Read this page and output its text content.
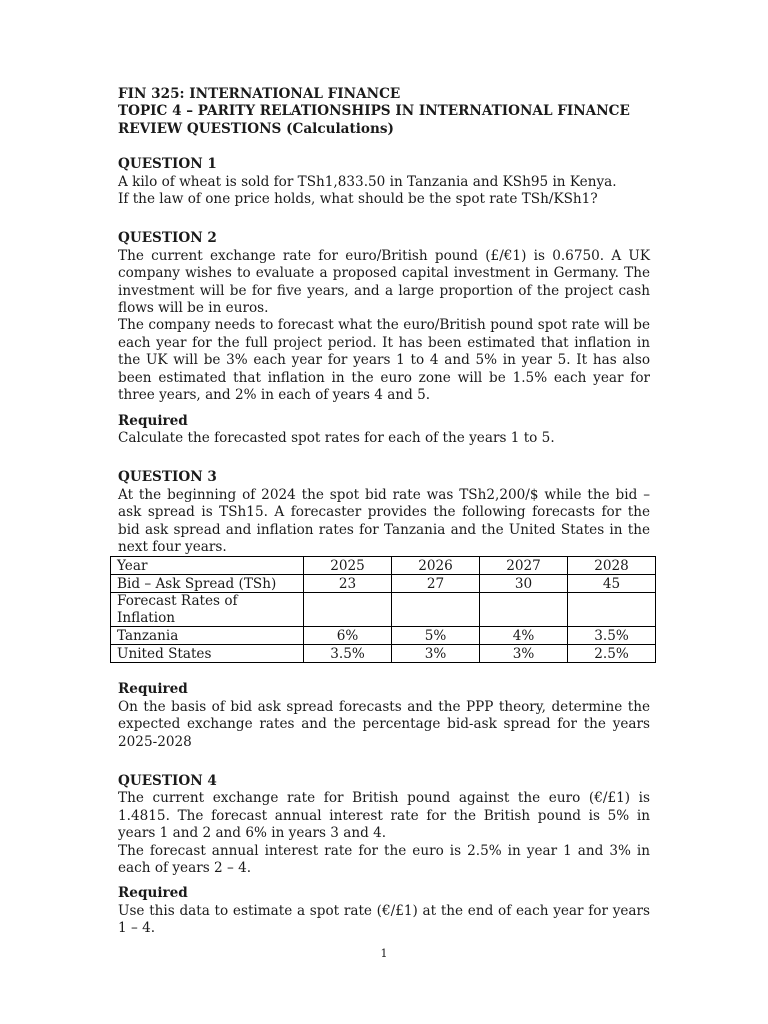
FIN 325: INTERNATIONAL FINANCE

TOPIC 4 – PARITY RELATIONSHIPS IN INTERNATIONAL FINANCE

REVIEW QUESTIONS (Calculations)

QUESTION 1

A kilo of wheat is sold for TSh1,833.50 in Tanzania and KSh95 in Kenya.

If the law of one price holds, what should be the spot rate TSh/KSh1?

QUESTION 2

The current exchange rate for euro/British pound (£/€1) is 0.6750. A UK company wishes to evaluate a proposed capital investment in Germany. The investment will be for five years, and a large proportion of the project cash flows will be in euros.

The company needs to forecast what the euro/British pound spot rate will be each year for the full project period. It has been estimated that inflation in the UK will be 3% each year for years 1 to 4 and 5% in year 5. It has also been estimated that inflation in the euro zone will be 1.5% each year for three years, and 2% in each of years 4 and 5.

Required

Calculate the forecasted spot rates for each of the years 1 to 5.

QUESTION 3

At the beginning of 2024 the spot bid rate was TSh2,200/$ while the bid – ask spread is TSh15. A forecaster provides the following forecasts for the bid ask spread and inflation rates for Tanzania and the United States in the next four years.

Year	2025	2026	2027	2028
Bid – Ask Spread (TSh)	23	27	30	45
Forecast Rates of Inflation				
Tanzania	6%	5%	4%	3.5%
United States	3.5%	3%	3%	2.5%

Required

On the basis of bid ask spread forecasts and the PPP theory, determine the expected exchange rates and the percentage bid-ask spread for the years 2025-2028

QUESTION 4

The current exchange rate for British pound against the euro (€/£1) is 1.4815. The forecast annual interest rate for the British pound is 5% in years 1 and 2 and 6% in years 3 and 4.

The forecast annual interest rate for the euro is 2.5% in year 1 and 3% in each of years 2 – 4.

Required

Use this data to estimate a spot rate (€/£1) at the end of each year for years 1 – 4.

1
